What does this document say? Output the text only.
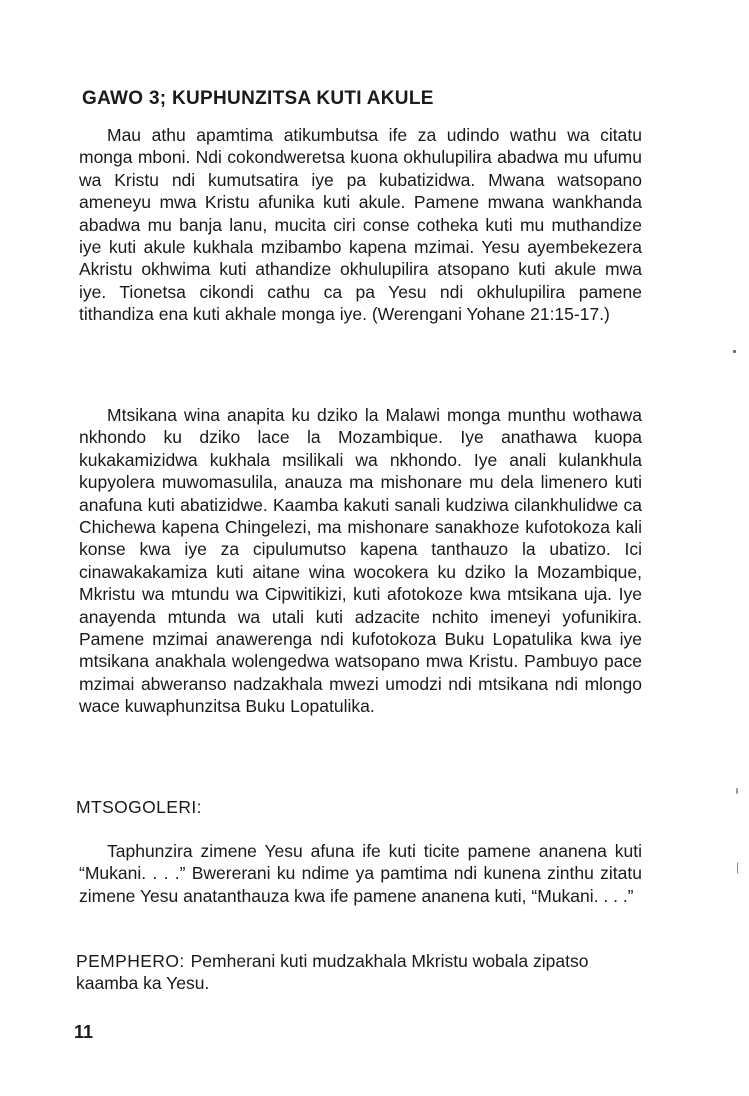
GAWO 3; KUPHUNZITSA KUTI AKULE

Mau athu apamtima atikumbutsa ife za udindo wathu wa citatu monga mboni. Ndi cokondweretsa kuona okhulupilira abadwa mu ufumu wa Kristu ndi kumutsatira iye pa kubatizidwa. Mwana watsopano ameneyu mwa Kristu afunika kuti akule. Pamene mwana wankhanda abadwa mu banja lanu, mucita ciri conse cotheka kuti mu muthandize iye kuti akule kukhala mzibambo kapena mzimai. Yesu ayembekezera Akristu okhwima kuti athandize okhulupilira atsopano kuti akule mwa iye. Tionetsa cikondi cathu ca pa Yesu ndi okhulupilira pamene tithandiza ena kuti akhale monga iye. (Werengani Yohane 21:15-17.)

Mtsikana wina anapita ku dziko la Malawi monga munthu wothawa nkhondo ku dziko lace la Mozambique. Iye anathawa kuopa kukakamizidwa kukhala msilikali wa nkhondo. Iye anali kulankhula kupyolera muwomasulila, anauza ma mishonare mu dela limenero kuti anafuna kuti abatizidwe. Kaamba kakuti sanali kudziwa cilankhulidwe ca Chichewa kapena Chingelezi, ma mishonare sanakhoze kufotokoza kali konse kwa iye za cipulumutso kapena tanthauzo la ubatizo. Ici cinawakakamiza kuti aitane wina wocokera ku dziko la Mozambique, Mkristu wa mtundu wa Cipwitikizi, kuti afotokoze kwa mtsikana uja. Iye anayenda mtunda wa utali kuti adzacite nchito imeneyi yofunikira. Pamene mzimai anawerenga ndi kufotokoza Buku Lopatulika kwa iye mtsikana anakhala wolengedwa watsopano mwa Kristu. Pambuyo pace mzimai abweranso nadzakhala mwezi umodzi ndi mtsikana ndi mlongo wace kuwaphunzitsa Buku Lopatulika.

MTSOGOLERI:

Taphunzira zimene Yesu afuna ife kuti ticite pamene ananena kuti “Mukani. . . .” Bwererani ku ndime ya pamtima ndi kunena zinthu zitatu zimene Yesu anatanthauza kwa ife pamene ananena kuti, “Mukani. . . .”

PEMPHERO: Pemherani kuti mudzakhala Mkristu wobala zipatso kaamba ka Yesu.

11
